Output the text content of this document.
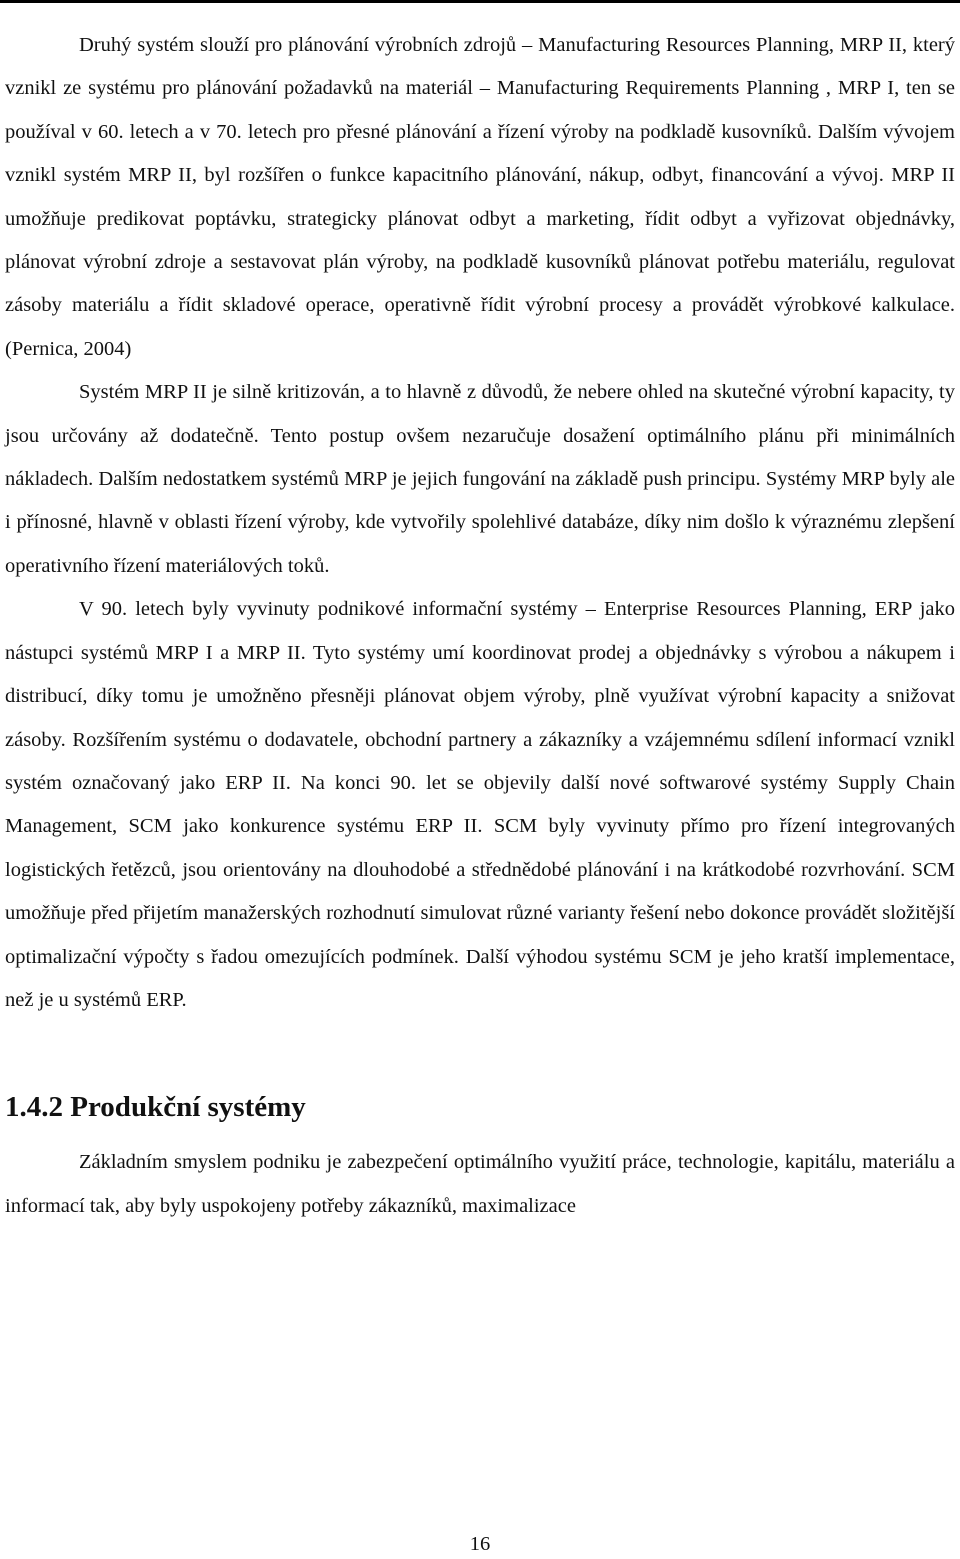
Druhý systém slouží pro plánování výrobních zdrojů – Manufacturing Resources Planning, MRP II, který vznikl ze systému pro plánování požadavků na materiál – Manufacturing Requirements Planning , MRP I, ten se používal v 60. letech a v 70. letech pro přesné plánování a řízení výroby na podkladě kusovníků. Dalším vývojem vznikl systém MRP II, byl rozšířen o funkce kapacitního plánování, nákup, odbyt, financování a vývoj. MRP II umožňuje predikovat poptávku, strategicky plánovat odbyt a marketing, řídit odbyt a vyřizovat objednávky, plánovat výrobní zdroje a sestavovat plán výroby, na podkladě kusovníků plánovat potřebu materiálu, regulovat zásoby materiálu a řídit skladové operace, operativně řídit výrobní procesy a provádět výrobkové kalkulace. (Pernica, 2004)

Systém MRP II je silně kritizován, a to hlavně z důvodů, že nebere ohled na skutečné výrobní kapacity, ty jsou určovány až dodatečně. Tento postup ovšem nezaručuje dosažení optimálního plánu při minimálních nákladech. Dalším nedostatkem systémů MRP je jejich fungování na základě push principu. Systémy MRP byly ale i přínosné, hlavně v oblasti řízení výroby, kde vytvořily spolehlivé databáze, díky nim došlo k výraznému zlepšení operativního řízení materiálových toků.

V 90. letech byly vyvinuty podnikové informační systémy – Enterprise Resources Planning, ERP jako nástupci systémů MRP I a MRP II. Tyto systémy umí koordinovat prodej a objednávky s výrobou a nákupem i distribucí, díky tomu je umožněno přesněji plánovat objem výroby, plně využívat výrobní kapacity a snižovat zásoby. Rozšířením systému o dodavatele, obchodní partnery a zákazníky a vzájemnému sdílení informací vznikl systém označovaný jako ERP II. Na konci 90. let se objevily další nové softwarové systémy Supply Chain Management, SCM jako konkurence systému ERP II. SCM byly vyvinuty přímo pro řízení integrovaných logistických řetězců, jsou orientovány na dlouhodobé a střednědobé plánování i na krátkodobé rozvrhování. SCM umožňuje před přijetím manažerských rozhodnutí simulovat různé varianty řešení nebo dokonce provádět složitější optimalizační výpočty s řadou omezujících podmínek. Další výhodou systému SCM je jeho kratší implementace, než je u systémů ERP.

1.4.2 Produkční systémy

Základním smyslem podniku je zabezpečení optimálního využití práce, technologie, kapitálu, materiálu a informací tak, aby byly uspokojeny potřeby zákazníků, maximalizace

16
